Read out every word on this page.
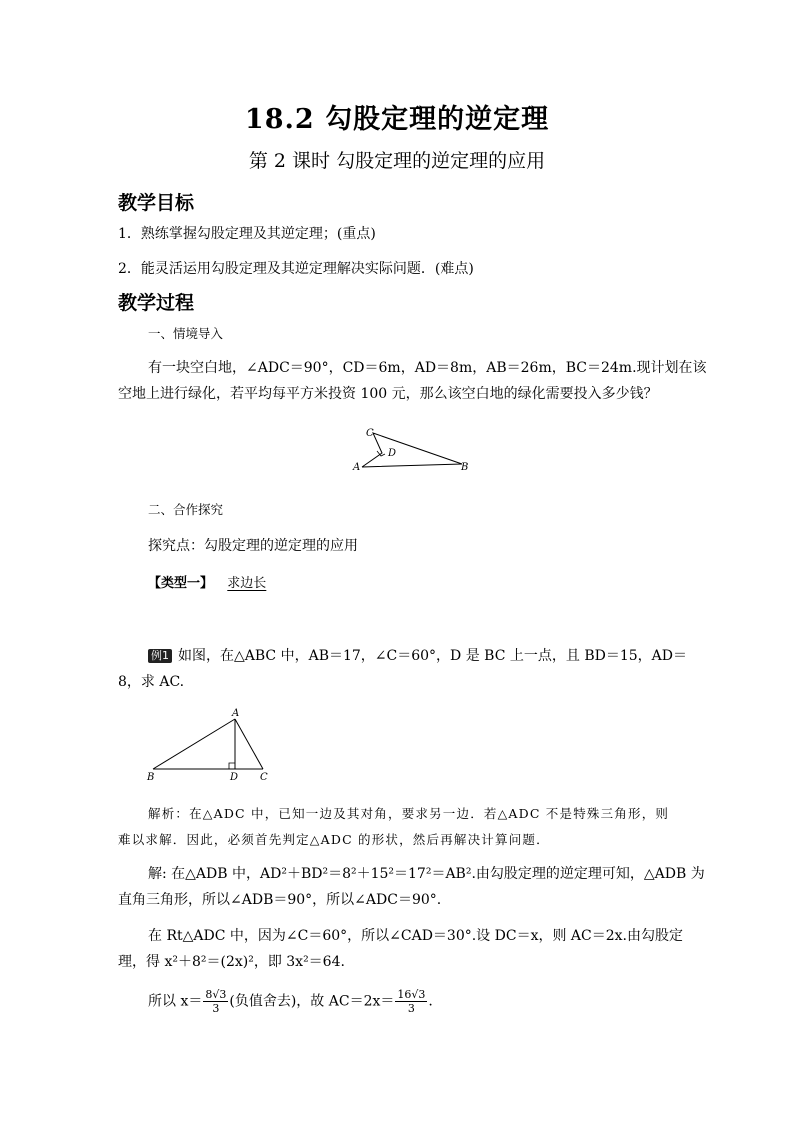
18.2 勾股定理的逆定理
第 2 课时 勾股定理的逆定理的应用
教学目标
1．熟练掌握勾股定理及其逆定理；(重点)
2．能灵活运用勾股定理及其逆定理解决实际问题．(难点)
教学过程
一、情境导入
有一块空白地，∠ADC＝90°，CD＝6m，AD＝8m，AB＝26m，BC＝24m.现计划在该
空地上进行绿化，若平均每平方米投资 100 元，那么该空白地的绿化需要投入多少钱？
C
D
A	B
二、合作探究
探究点：勾股定理的逆定理的应用
【类型一】 求边长
例1 如图，在△ABC 中，AB＝17，∠C＝60°，D 是 BC 上一点，且 BD＝15，AD＝
8，求 AC.
A
B	D C
解析：在△ADC 中，已知一边及其对角，要求另一边．若△ADC 不是特殊三角形，则
难以求解．因此，必须首先判定△ADC 的形状，然后再解决计算问题．
解: 在△ADB 中，AD²＋BD²＝8²＋15²＝17²＝AB².由勾股定理的逆定理可知，△ADB 为
直角三角形，所以∠ADB＝90°，所以∠ADC＝90°.
在 Rt△ADC 中，因为∠C＝60°，所以∠CAD＝30°.设 DC＝x，则 AC＝2x.由勾股定
理，得 x²＋8²＝(2x)²，即 3x²＝64.
所以 $x= \frac{8√3}{3}$ (负值舍去)，故 $AC=2x= \frac{16√3}{3}$ .
